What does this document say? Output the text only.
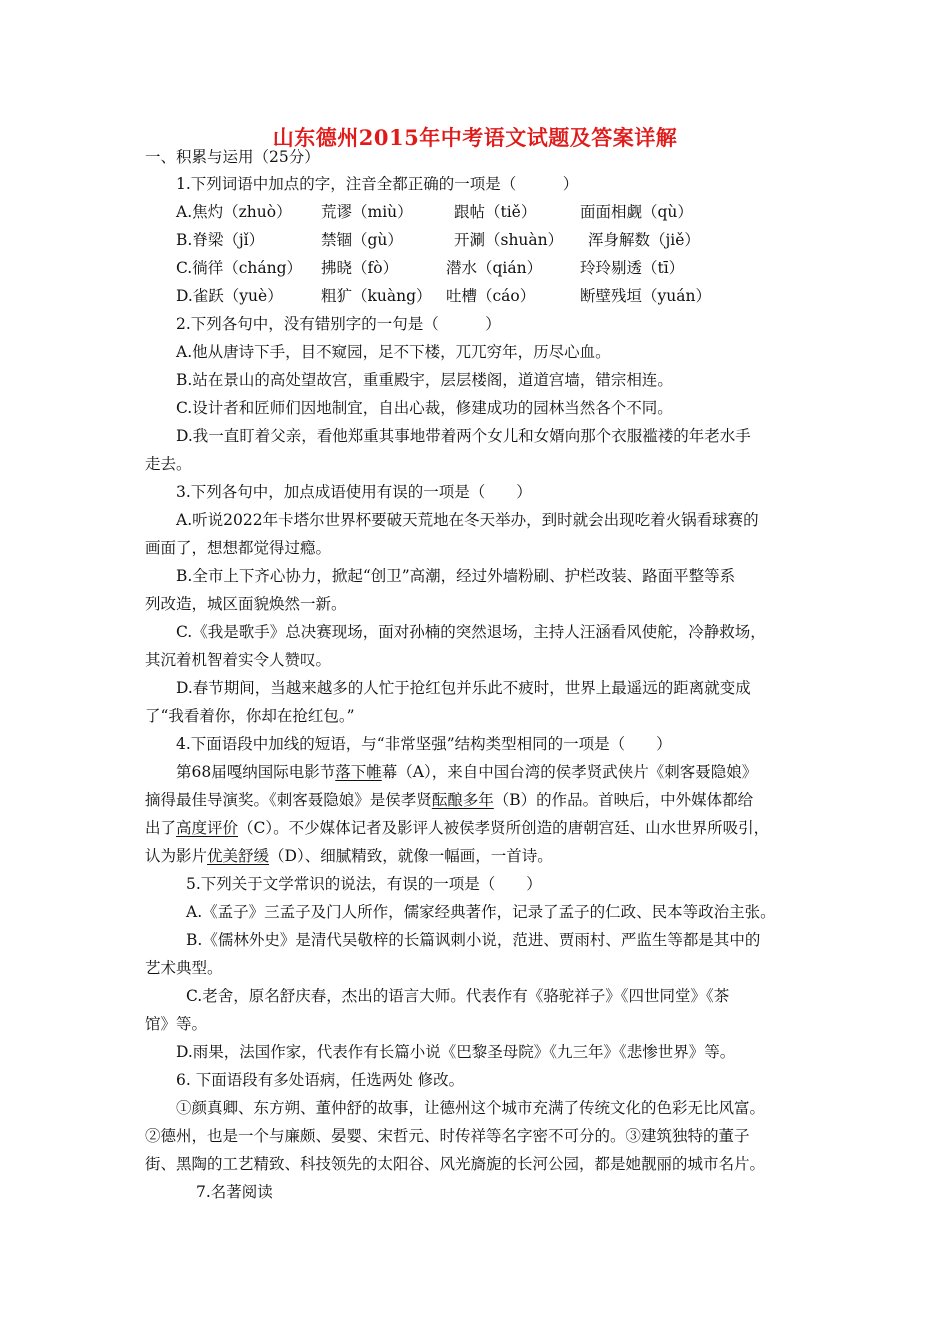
山东德州2015年中考语文试题及答案详解
一、积累与运用（25分）
1.下列词语中加点的字，注音全都正确的一项是（　　　）
A.焦灼（zhuò） 荒谬（miù）	跟帖（tiě）	面面相觑（qù）
B.脊梁（jǐ）	禁锢（gù）	开涮（shuàn） 浑身解数（jiě）
C.徜徉（cháng） 拂晓（fò）	潜水（qián） 玲玲剔透（tī）
D.雀跃（yuè） 粗犷（kuàng） 吐槽（cáo）	断壁残垣（yuán）
2.下列各句中，没有错别字的一句是（　　　）
A.他从唐诗下手，目不窥园，足不下楼，兀兀穷年，历尽心血。
B.站在景山的高处望故宫，重重殿宇，层层楼阁，道道宫墙，错宗相连。
C.设计者和匠师们因地制宜，自出心裁，修建成功的园林当然各个不同。
D.我一直盯着父亲，看他郑重其事地带着两个女儿和女婿向那个衣服褴褛的年老水手
走去。
3.下列各句中，加点成语使用有误的一项是（　　）
A.听说2022年卡塔尔世界杯要破天荒地在冬天举办，到时就会出现吃着火锅看球赛的
画面了，想想都觉得过瘾。
B.全市上下齐心协力，掀起“创卫”高潮，经过外墙粉刷、护栏改装、路面平整等系
列改造，城区面貌焕然一新。
C.《我是歌手》总决赛现场，面对孙楠的突然退场，主持人汪涵看风使舵，冷静救场，
其沉着机智着实令人赞叹。
D.春节期间，当越来越多的人忙于抢红包并乐此不疲时，世界上最遥远的距离就变成
了“我看着你，你却在抢红包。”
4.下面语段中加线的短语，与“非常坚强”结构类型相同的一项是（　　）
第68届嘎纳国际电影节落下帷幕（A），来自中国台湾的侯孝贤武侠片《刺客聂隐娘》
摘得最佳导演奖。《刺客聂隐娘》是侯孝贤酝酿多年（B）的作品。首映后，中外媒体都给
出了高度评价（C）。不少媒体记者及影评人被侯孝贤所创造的唐朝宫廷、山水世界所吸引，
认为影片优美舒缓（D）、细腻精致，就像一幅画，一首诗。
5.下列关于文学常识的说法，有误的一项是（　　）
A.《孟子》三孟子及门人所作，儒家经典著作，记录了孟子的仁政、民本等政治主张。
B.《儒林外史》是清代吴敬梓的长篇讽刺小说，范进、贾雨村、严监生等都是其中的
艺术典型。
C.老舍，原名舒庆春，杰出的语言大师。代表作有《骆驼祥子》《四世同堂》《茶
馆》等。
D.雨果，法国作家，代表作有长篇小说《巴黎圣母院》《九三年》《悲惨世界》等。
6. 下面语段有多处语病，任选两处 修改。
①颜真卿、东方朔、董仲舒的故事，让德州这个城市充满了传统文化的色彩无比风富。
②德州，也是一个与廉颇、晏婴、宋哲元、时传祥等名字密不可分的。③建筑独特的董子
街、黑陶的工艺精致、科技领先的太阳谷、风光旖旎的长河公园，都是她靓丽的城市名片。
7.名著阅读
